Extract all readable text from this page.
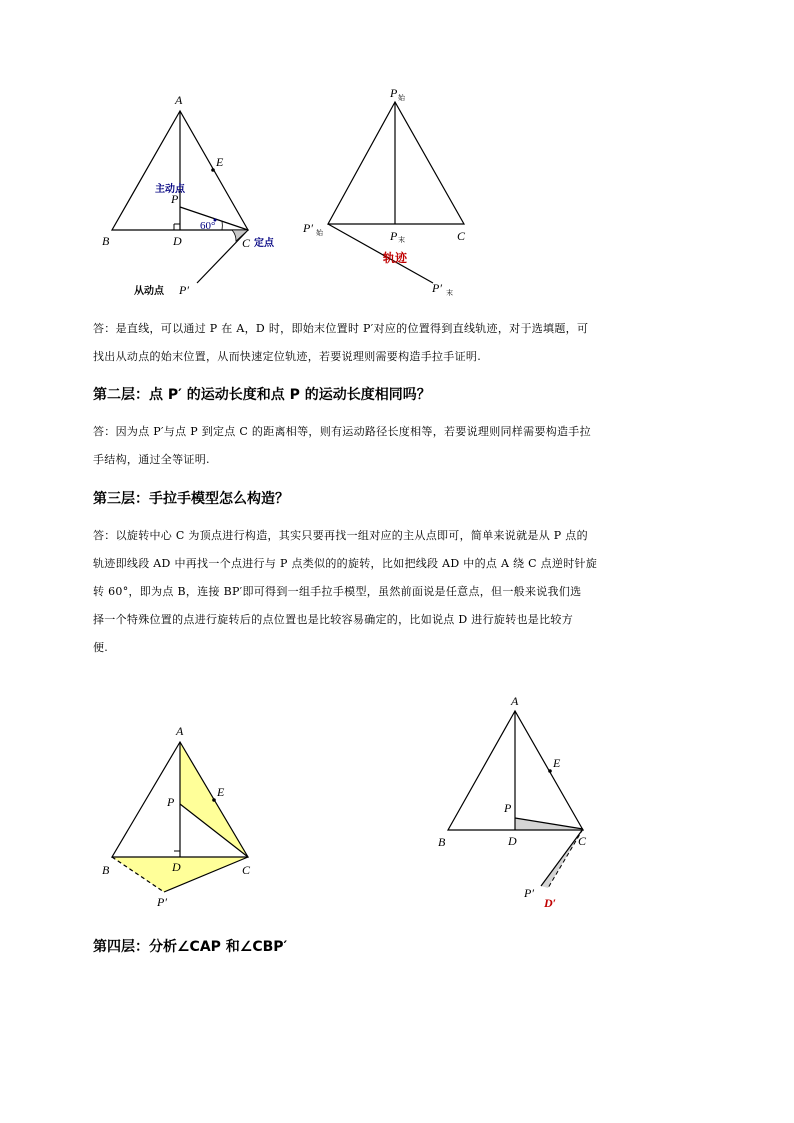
A
E
P
B	D	C
P′
60°
主动点
定点
从动点
P 始
P′ 始	P 末	C
轨迹
P′ 末
A
E
P
B	D	C
P′
A
E
P
B	D	C
P′
D′
答：是直线，可以通过 P 在 A，D 时，即始末位置时 P′对应的位置得到直线轨迹，对于选填题，可
找出从动点的始末位置，从而快速定位轨迹，若要说理则需要构造手拉手证明.
第二层：点 P′ 的运动长度和点 P 的运动长度相同吗？
答：因为点 P′与点 P 到定点 C 的距离相等，则有运动路径长度相等，若要说理则同样需要构造手拉
手结构，通过全等证明.
第三层：手拉手模型怎么构造？
答：以旋转中心 C 为顶点进行构造，其实只要再找一组对应的主从点即可，简单来说就是从 P 点的
轨迹即线段 AD 中再找一个点进行与 P 点类似的的旋转，比如把线段 AD 中的点 A 绕 C 点逆时针旋
转 60°，即为点 B，连接 BP′即可得到一组手拉手模型，虽然前面说是任意点，但一般来说我们选
择一个特殊位置的点进行旋转后的点位置也是比较容易确定的，比如说点 D 进行旋转也是比较方
便.
第四层：分析∠CAP 和∠CBP′
